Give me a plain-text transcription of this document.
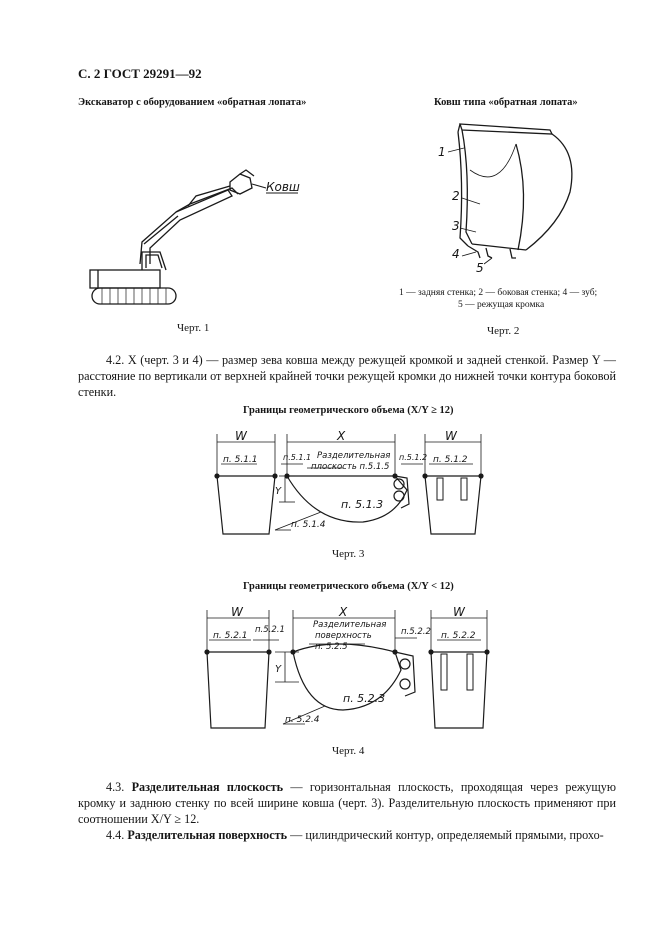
С. 2 ГОСТ 29291—92
Экскаватор с оборудованием «обратная лопата»	Ковш типа «обратная лопата»
Ковш
Черт. 1
1
2
3
4
5
1 — задняя стенка; 2 — боковая стенка; 4 — зуб;
5 — режущая кромка
Черт. 2
4.2. X (черт. 3 и 4) — размер зева ковша между режущей кромкой и задней стенкой. Размер Y — расстояние по вертикали от верхней крайней точки режущей кромки до нижней точки контура боковой стенки.
Границы геометрического объема (X/Y ≥ 12)
W	X	W
Y
п. 5.1.1	п.5.1.1 Разделительная
плоскость п.5.1.5
п.5.1.2 п. 5.1.2
п. 5.1.3
п. 5.1.4
Черт. 3
Границы геометрического объема (X/Y < 12)
W	X	W
Y
п. 5.2.1
п.5.2.1	Разделительная
поверхность
п. 5.2.5
п.5.2.2 п. 5.2.2
п. 5.2.3
п. 5.2.4
Черт. 4
4.3. Разделительная плоскость — горизонтальная плоскость, проходящая через режущую кромку и заднюю стенку по всей ширине ковша (черт. 3). Разделительную плоскость применяют при соотношении X/Y ≥ 12.
4.4. Разделительная поверхность — цилиндрический контур, определяемый прямыми, прохо-
